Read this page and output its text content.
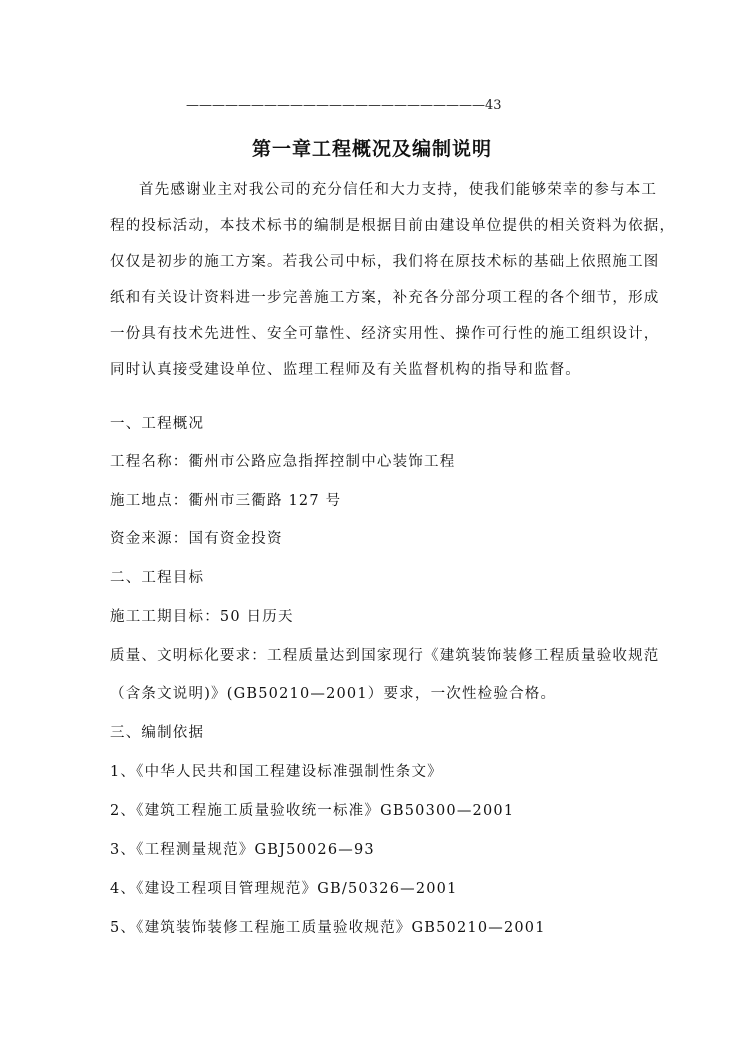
———————————————————————43
第一章工程概况及编制说明
首先感谢业主对我公司的充分信任和大力支持，使我们能够荣幸的参与本工
程的投标活动，本技术标书的编制是根据目前由建设单位提供的相关资料为依据，
仅仅是初步的施工方案。若我公司中标，我们将在原技术标的基础上依照施工图
纸和有关设计资料进一步完善施工方案，补充各分部分项工程的各个细节，形成
一份具有技术先进性、安全可靠性、经济实用性、操作可行性的施工组织设计，
同时认真接受建设单位、监理工程师及有关监督机构的指导和监督。
一、工程概况
工程名称：衢州市公路应急指挥控制中心装饰工程
施工地点：衢州市三衢路 127 号
资金来源：国有资金投资
二、工程目标
施工工期目标：50 日历天
质量、文明标化要求：工程质量达到国家现行《建筑装饰装修工程质量验收规范
（含条文说明)》(GB50210—2001）要求，一次性检验合格。
三、编制依据
1、《中华人民共和国工程建设标准强制性条文》
2、《建筑工程施工质量验收统一标准》GB50300—2001
3、《工程测量规范》GBJ50026—93
4、《建设工程项目管理规范》GB/50326—2001
5、《建筑装饰装修工程施工质量验收规范》GB50210—2001
